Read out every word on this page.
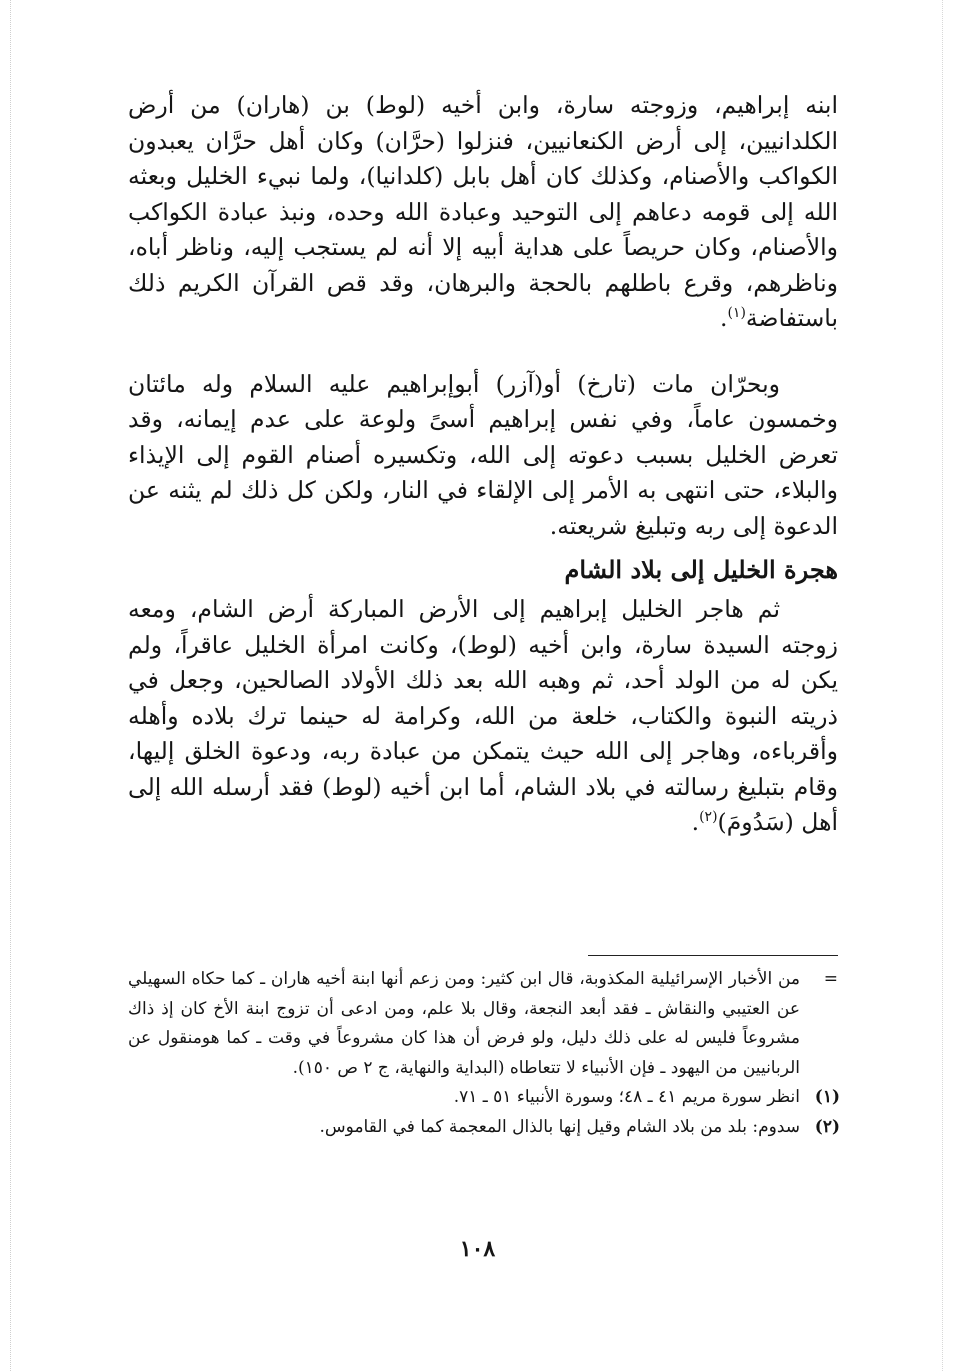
ابنه إبراهيم، وزوجته سارة، وابن أخيه (لوط) بن (هاران) من أرض الكلدانيين، إلى أرض الكنعانيين، فنزلوا (حرَّان) وكان أهل حرَّان يعبدون الكواكب والأصنام، وكذلك كان أهل بابل (كلدانيا)، ولما نبيء الخليل وبعثه الله إلى قومه دعاهم إلى التوحيد وعبادة الله وحده، ونبذ عبادة الكواكب والأصنام، وكان حريصاً على هداية أبيه إلا أنه لم يستجب إليه، وناظر أباه، وناظرهم، وقرع باطلهم بالحجة والبرهان، وقد قص القرآن الكريم ذلك باستفاضة$^{(١)}$.

وبحرّان مات (تارخ) أو(آزر) أبوإبراهيم عليه السلام وله مائتان وخمسون عاماً، وفي نفس إبراهيم أسىً ولوعة على عدم إيمانه، وقد تعرض الخليل بسبب دعوته إلى الله، وتكسيره أصنام القوم إلى الإيذاء والبلاء، حتى انتهى به الأمر إلى الإلقاء في النار، ولكن كل ذلك لم يثنه عن الدعوة إلى ربه وتبليغ شريعته.

هجرة الخليل إلى بلاد الشام

ثم هاجر الخليل إبراهيم إلى الأرض المباركة أرض الشام، ومعه زوجته السيدة سارة، وابن أخيه (لوط)، وكانت امرأة الخليل عاقراً، ولم يكن له من الولد أحد، ثم وهبه الله بعد ذلك الأولاد الصالحين، وجعل في ذريته النبوة والكتاب، خلعة من الله، وكرامة له حينما ترك بلاده وأهله وأقرباءه، وهاجر إلى الله حيث يتمكن من عبادة ربه، ودعوة الخلق إليها، وقام بتبليغ رسالته في بلاد الشام، أما ابن أخيه (لوط) فقد أرسله الله إلى أهل (سَدُومَ)$^{(٢)}$.

=
من الأخبار الإسرائيلية المكذوبة، قال ابن كثير: ومن زعم أنها ابنة أخيه هاران ـ كما حكاه السهيلي عن العتيبي والنقاش ـ فقد أبعد النجعة، وقال بلا علم، ومن ادعى أن تزوج ابنة الأخ كان إذ ذاك مشروعاً فليس له على ذلك دليل، ولو فرض أن هذا كان مشروعاً في وقت ـ كما هومنقول عن الربانيين من اليهود ـ فإن الأنبياء لا تتعاطاه (البداية والنهاية، ج ٢ ص ١٥٠).

(١)
انظر سورة مريم ٤١ ـ ٤٨؛ وسورة الأنبياء ٥١ ـ ٧١.

(٢)
سدوم: بلد من بلاد الشام وقيل إنها بالذال المعجمة كما في القاموس.

١٠٨
